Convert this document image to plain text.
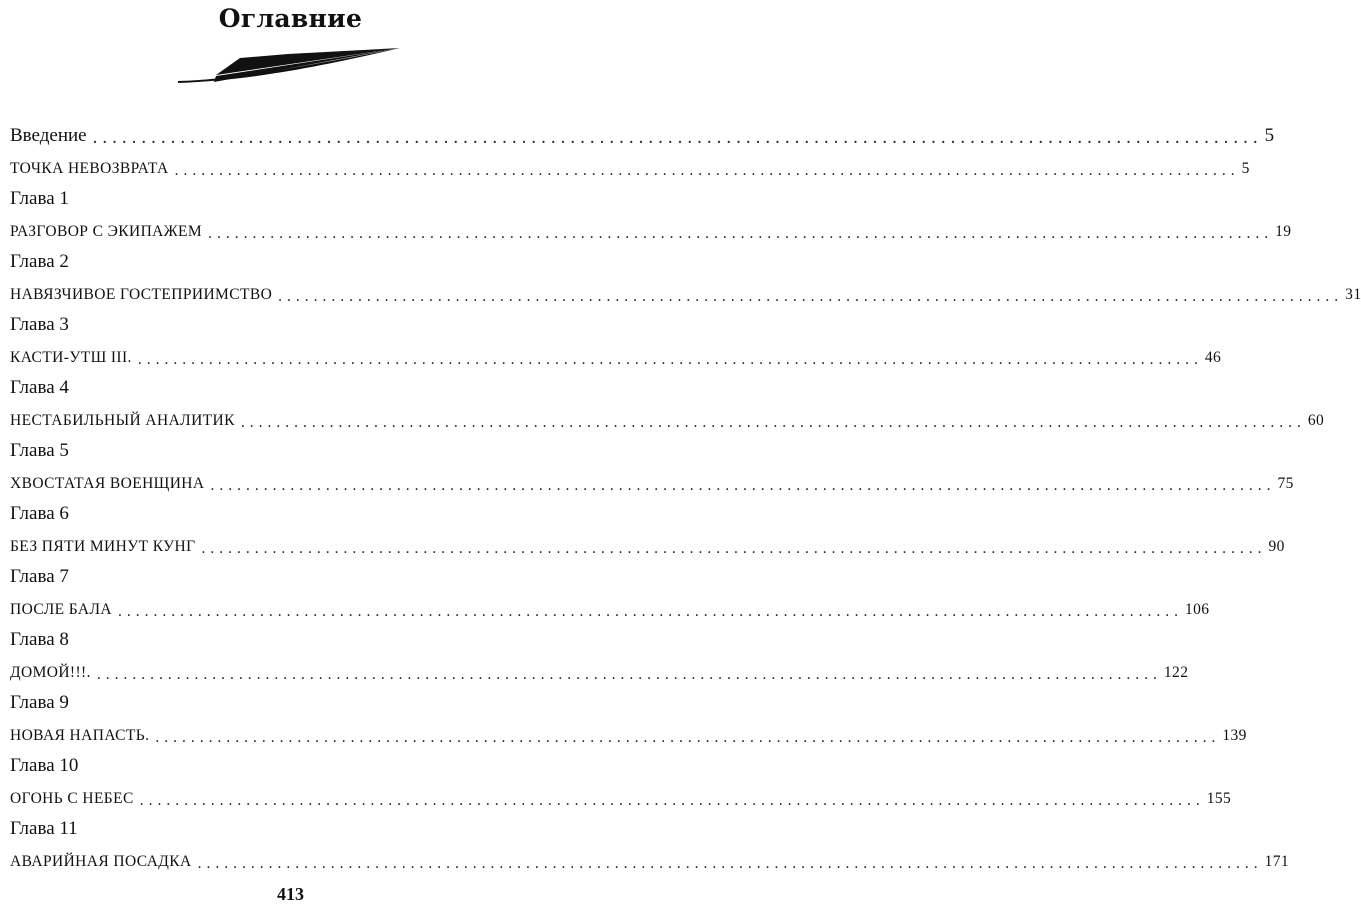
Оглавние
Введение ........................................................................................................................ 5
ТОЧКА НЕВОЗВРАТА ........................................................................................................................ 5
Глава 1
РАЗГОВОР С ЭКИПАЖЕМ ........................................................................................................................ 19
Глава 2
НАВЯЗЧИВОЕ ГОСТЕПРИИМСТВО ........................................................................................................................ 31
Глава 3
КАСТИ-УТШ III. ........................................................................................................................ 46
Глава 4
НЕСТАБИЛЬНЫЙ АНАЛИТИК ........................................................................................................................ 60
Глава 5
ХВОСТАТАЯ ВОЕНЩИНА ........................................................................................................................ 75
Глава 6
БЕЗ ПЯТИ МИНУТ КУНГ ........................................................................................................................ 90
Глава 7
ПОСЛЕ БАЛА ........................................................................................................................ 106
Глава 8
ДОМОЙ!!!. ........................................................................................................................ 122
Глава 9
НОВАЯ НАПАСТЬ. ........................................................................................................................ 139
Глава 10
ОГОНЬ С НЕБЕС ........................................................................................................................ 155
Глава 11
АВАРИЙНАЯ ПОСАДКА ........................................................................................................................ 171
413
